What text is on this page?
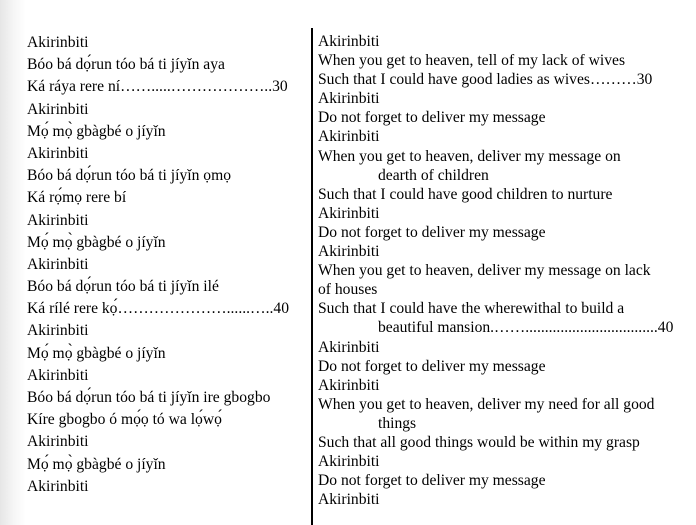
Akirinbiti
Bóo bá dọ́run tóo bá ti jíyǐn aya
Ká ráya rere ní…….....………………..30
Akirinbiti
Mọ́ mọ̀ gbàgbé o jíyǐn
Akirinbiti
Bóo bá dọ́run tóo bá ti jíyǐn ọmọ
Ká rọ́mọ rere bí
Akirinbiti
Mọ́ mọ̀ gbàgbé o jíyǐn
Akirinbiti
Bóo bá dọ́run tóo bá ti jíyǐn ilé
Ká rílé rere kọ́…………………......…..40
Akirinbiti
Mọ́ mọ̀ gbàgbé o jíyǐn
Akirinbiti
Bóo bá dọ́run tóo bá ti jíyǐn ire gbogbo
Kíre gbogbo ó mọ́ọ tó wa lọ́wọ́
Akirinbiti
Mọ́ mọ̀ gbàgbé o jíyǐn
Akirinbiti
Akirinbiti
When you get to heaven, tell of my lack of wives
Such that I could have good ladies as wives………30
Akirinbiti
Do not forget to deliver my message
Akirinbiti
When you get to heaven, deliver my message on
dearth of children
Such that I could have good children to nurture
Akirinbiti
Do not forget to deliver my message
Akirinbiti
When you get to heaven, deliver my message on lack
of houses
Such that I could have the wherewithal to build a
beautiful mansion.……..................................40
Akirinbiti
Do not forget to deliver my message
Akirinbiti
When you get to heaven, deliver my need for all good
things
Such that all good things would be within my grasp
Akirinbiti
Do not forget to deliver my message
Akirinbiti
